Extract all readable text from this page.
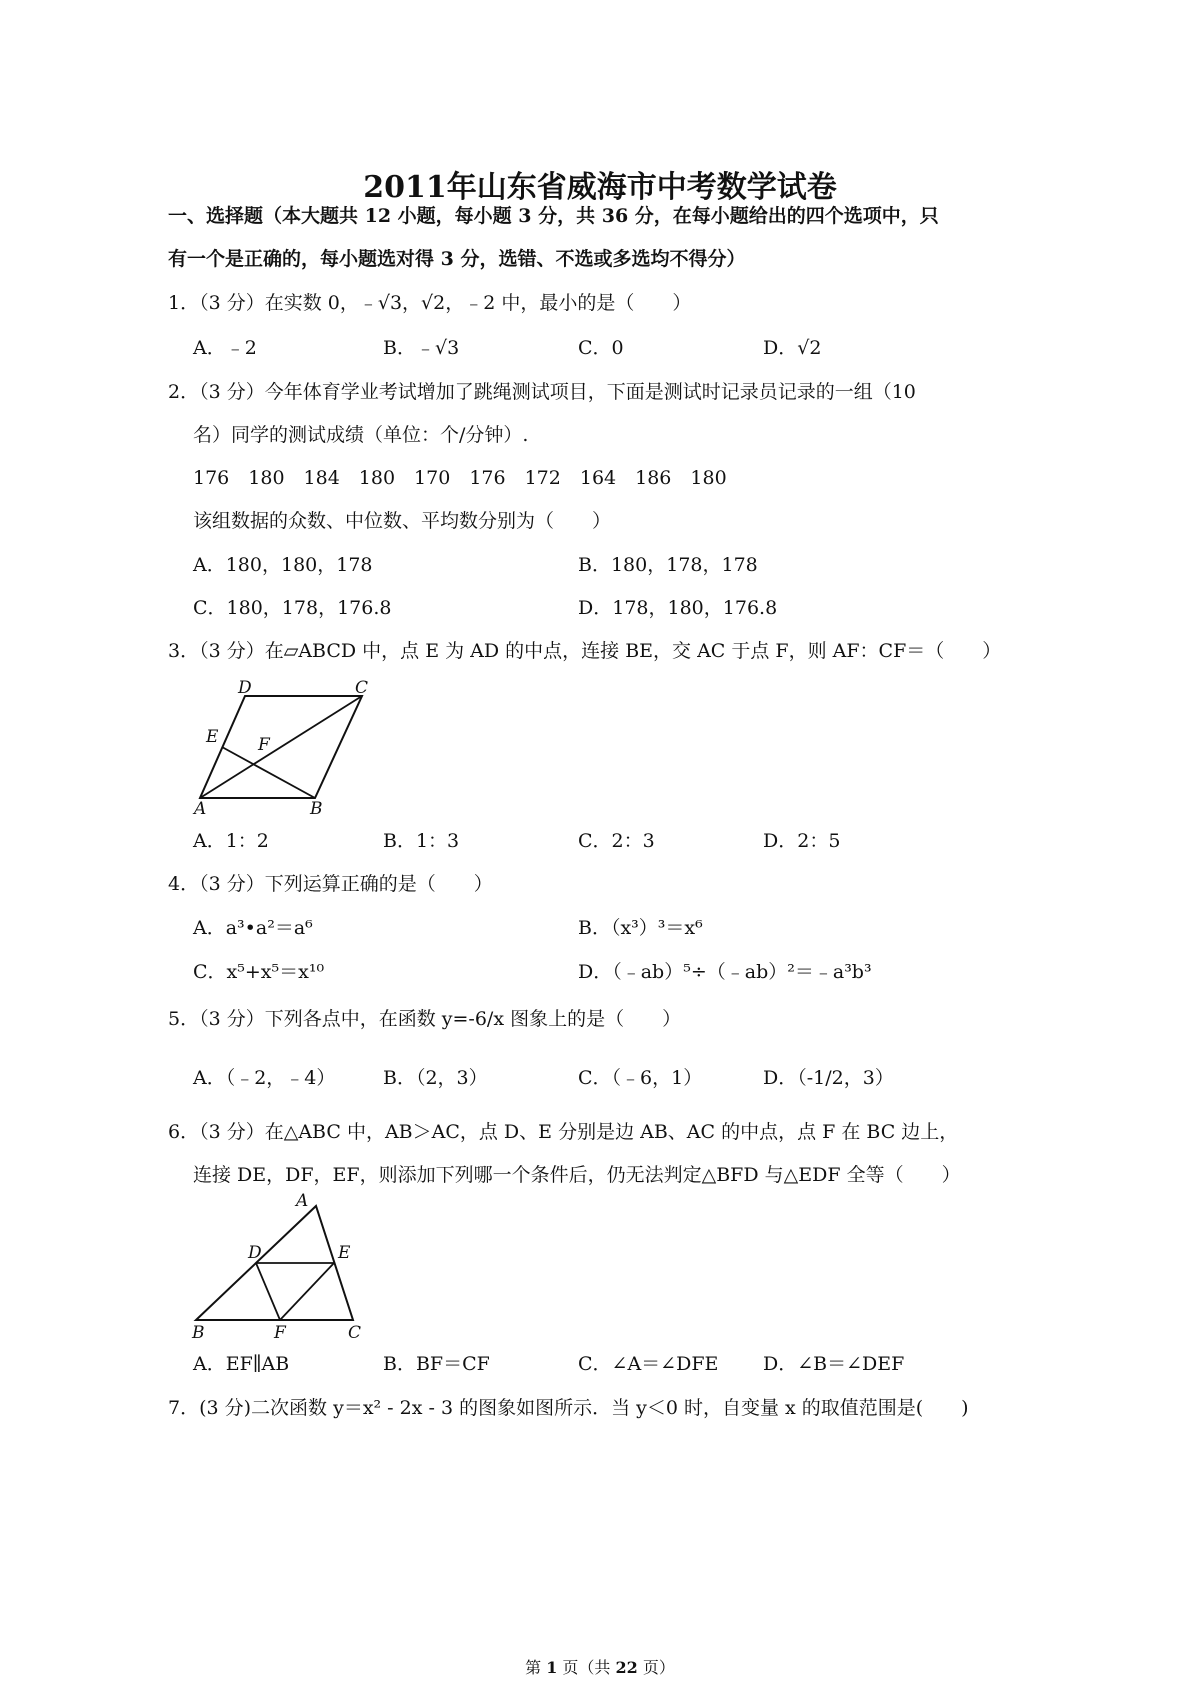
2011年山东省威海市中考数学试卷
一、选择题（本大题共 12 小题，每小题 3 分，共 36 分，在每小题给出的四个选项中，只
有一个是正确的，每小题选对得 3 分，选错、不选或多选均不得分）
1．（3 分）在实数 0，﹣√3，√2，﹣2 中，最小的是（　　）
A．﹣2	B．﹣√3	C．0	D．√2
2．（3 分）今年体育学业考试增加了跳绳测试项目，下面是测试时记录员记录的一组（10
名）同学的测试成绩（单位：个/分钟）.
176　180　184　180　170　176　172　164　186　180
该组数据的众数、中位数、平均数分别为（　　）
A．180，180，178	B．180，178，178
C．180，178，176.8	D．178，180，176.8
3．（3 分）在▱ABCD 中，点 E 为 AD 的中点，连接 BE，交 AC 于点 F，则 AF：CF＝（　　）
D	C
E F
A	B
A．1：2	B．1：3	C．2：3	D．2：5
4．（3 分）下列运算正确的是（　　）
A．a³•a²＝a⁶	B．（x³）³＝x⁶
C．x⁵+x⁵＝x¹⁰	D．（﹣ab）⁵÷（﹣ab）²＝﹣a³b³
5．（3 分）下列各点中，在函数 y=-6/x 图象上的是（　　）
A．（﹣2，﹣4）	B．（2，3）	C．（﹣6，1）	D．（-1/2，3）
6．（3 分）在△ABC 中，AB＞AC，点 D、E 分别是边 AB、AC 的中点，点 F 在 BC 边上，
连接 DE，DF，EF，则添加下列哪一个条件后，仍无法判定△BFD 与△EDF 全等（　　）
A
D	E
B	F	C
A．EF∥AB	B．BF＝CF	C．∠A＝∠DFE D．∠B＝∠DEF
7．(3 分)二次函数 y＝x² - 2x - 3 的图象如图所示．当 y＜0 时，自变量 x 的取值范围是(　　)
第 1 页（共 22 页）
